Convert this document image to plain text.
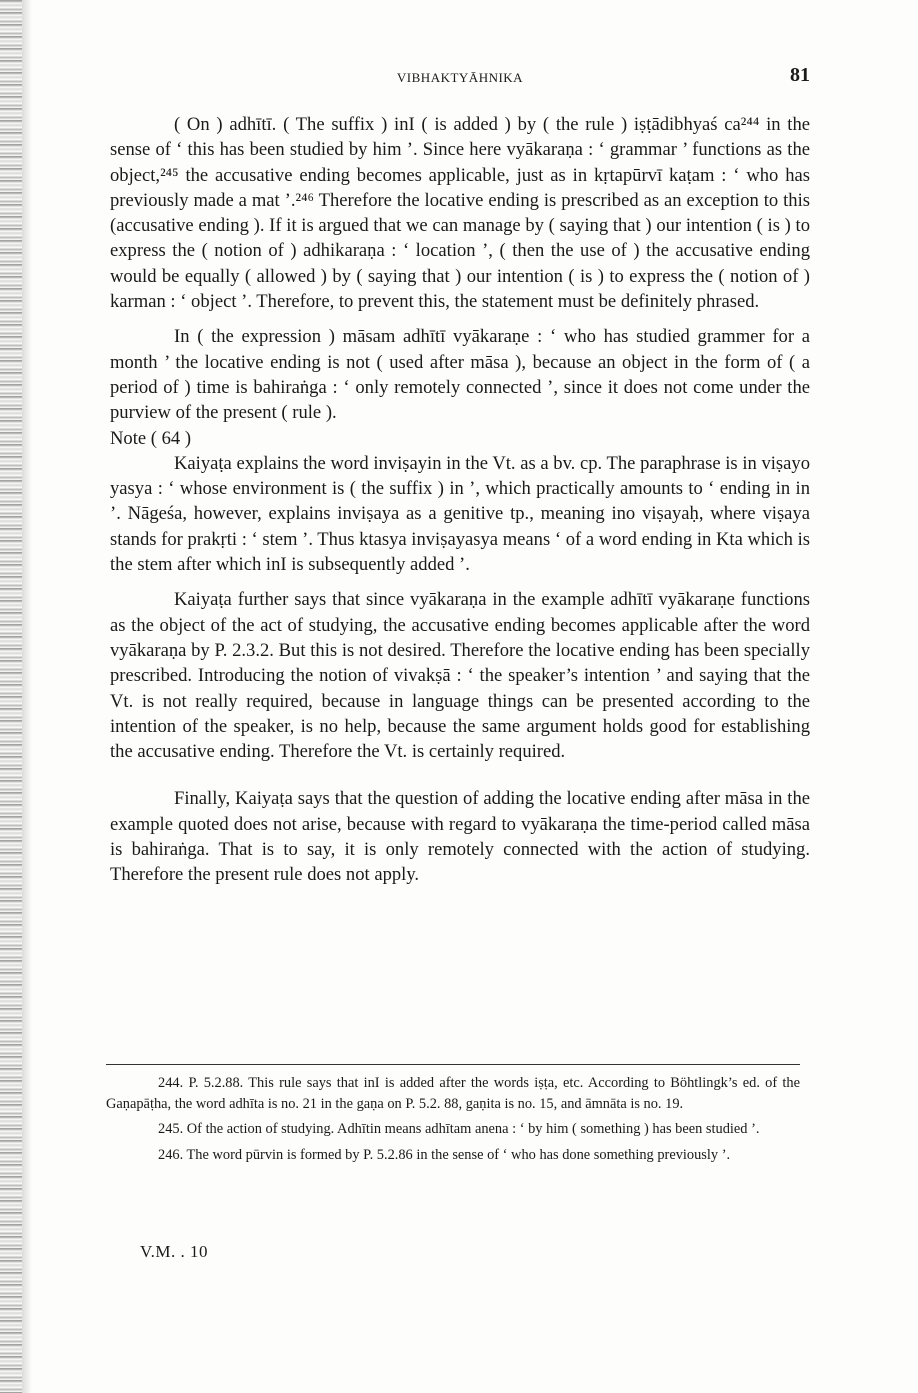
VIBHAKTYĀHNIKA	81

( On ) adhītī. ( The suffix ) inI ( is added ) by ( the rule ) iṣṭādibhyaś ca²⁴⁴ in the sense of ‘ this has been studied by him ’. Since here vyākaraṇa : ‘ grammar ’ functions as the object,²⁴⁵ the accusative ending becomes applicable, just as in kṛtapūrvī kaṭam : ‘ who has previously made a mat ’.²⁴⁶ Therefore the locative ending is prescribed as an exception to this (accusative ending ). If it is argued that we can manage by ( saying that ) our intention ( is ) to express the ( notion of ) adhikaraṇa : ‘ location ’, ( then the use of ) the accusative ending would be equally ( allowed ) by ( saying that ) our intention ( is ) to express the ( notion of ) karman : ‘ object ’. Therefore, to prevent this, the statement must be definitely phrased.

In ( the expression ) māsam adhītī vyākaraṇe : ‘ who has studied grammer for a month ’ the locative ending is not ( used after māsa ), because an object in the form of ( a period of ) time is bahiraṅga : ‘ only remotely connected ’, since it does not come under the purview of the present ( rule ).

Note ( 64 )

Kaiyaṭa explains the word inviṣayin in the Vt. as a bv. cp. The paraphrase is in viṣayo yasya : ‘ whose environment is ( the suffix ) in ’, which practically amounts to ‘ ending in in ’. Nāgeśa, however, explains inviṣaya as a genitive tp., meaning ino viṣayaḥ, where viṣaya stands for prakṛti : ‘ stem ’. Thus ktasya inviṣayasya means ‘ of a word ending in Kta which is the stem after which inI is subsequently added ’.

Kaiyaṭa further says that since vyākaraṇa in the example adhītī vyākaraṇe functions as the object of the act of studying, the accusative ending becomes applicable after the word vyākaraṇa by P. 2.3.2. But this is not desired. Therefore the locative ending has been specially prescribed. Introducing the notion of vivakṣā : ‘ the speaker’s intention ’ and saying that the Vt. is not really required, because in language things can be presented according to the intention of the speaker, is no help, because the same argument holds good for establishing the accusative ending. Therefore the Vt. is certainly required.

Finally, Kaiyaṭa says that the question of adding the locative ending after māsa in the example quoted does not arise, because with regard to vyākaraṇa the time-period called māsa is bahiraṅga. That is to say, it is only remotely connected with the action of studying. Therefore the present rule does not apply.

244. P. 5.2.88. This rule says that inI is added after the words iṣṭa, etc. According to Böhtlingk’s ed. of the Gaṇapāṭha, the word adhīta is no. 21 in the gaṇa on P. 5.2. 88, gaṇita is no. 15, and āmnāta is no. 19.

245. Of the action of studying. Adhītin means adhītam anena : ‘ by him ( something ) has been studied ’.

246. The word pūrvin is formed by P. 5.2.86 in the sense of ‘ who has done something previously ’.

V.M. . 10
